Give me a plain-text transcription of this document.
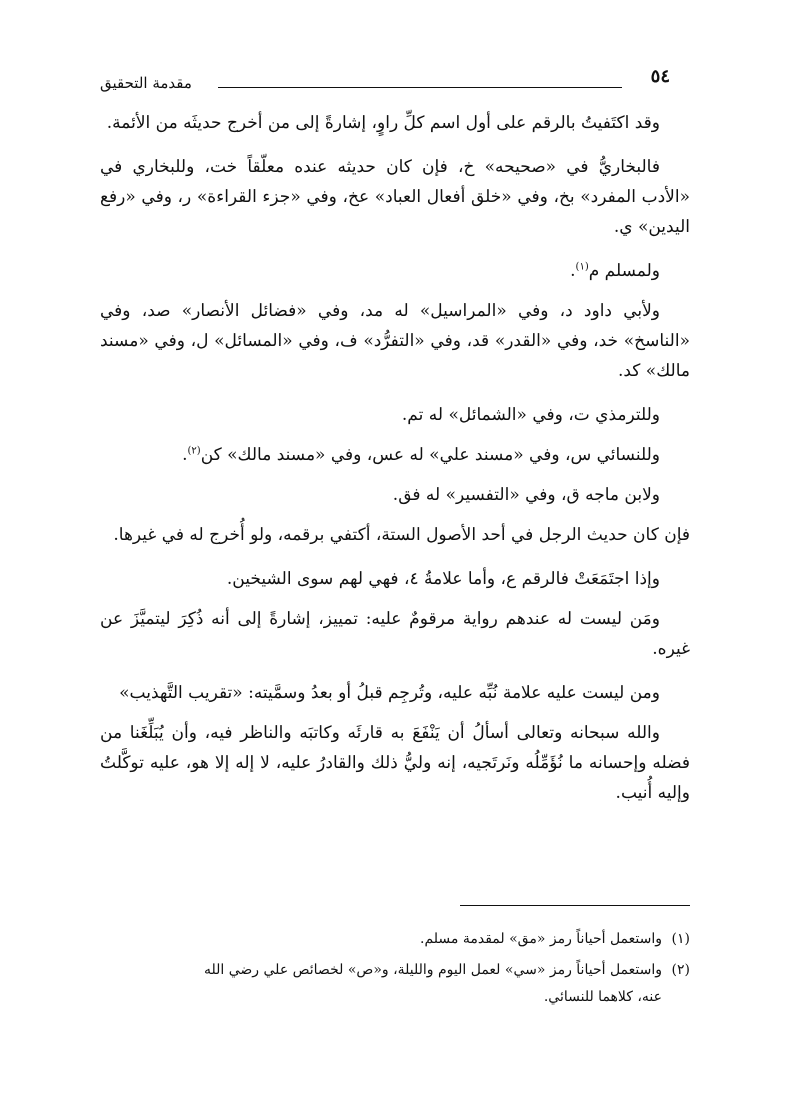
٥٤
مقدمة التحقيق

وقد اكتَفيتُ بالرقم على أول اسم كلِّ راوٍ، إشارةً إلى من أخرج حديثَه من الأئمة.

فالبخاريُّ في «صحيحه» خ، فإن كان حديثه عنده معلّقاً خت، وللبخاري في «الأدب المفرد» بخ، وفي «خلق أفعال العباد» عخ، وفي «جزء القراءة» ر، وفي «رفع اليدين» ي.

ولمسلم م$^{(١)}$.

ولأبي داود د، وفي «المراسيل» له مد، وفي «فضائل الأنصار» صد، وفي «الناسخ» خد، وفي «القدر» قد، وفي «التفرُّد» ف، وفي «المسائل» ل، وفي «مسند مالك» كد.

وللترمذي ت، وفي «الشمائل» له تم.

وللنسائي س، وفي «مسند علي» له عس، وفي «مسند مالك» كن$^{(٢)}$.

ولابن ماجه ق، وفي «التفسير» له فق.

فإن كان حديث الرجل في أحد الأصول الستة، أكتفي برقمه، ولو أُخرج له في غيرها.

وإذا اجتَمَعَتْ فالرقم ع، وأما علامةُ ٤، فهي لهم سوى الشيخين.

ومَن ليست له عندهم رواية مرقومٌ عليه: تمييز، إشارةً إلى أنه ذُكِرَ ليتميَّزَ عن غيره.

ومن ليست عليه علامة نُبِّه عليه، وتُرجِم قبلُ أو بعدُ وسمَّيته: «تقريب التَّهذيب»

والله سبحانه وتعالى أسألُ أن يَنْفَعَ به قارئَه وكاتبَه والناظر فيه، وأن يُبَلِّغَنا من فضله وإحسانه ما نُؤَمِّلُه ونَرتَجيه، إنه وليُّ ذلك والقادرُ عليه، لا إله إلا هو، عليه توكَّلتُ وإليه أُنيب.

(١)واستعمل أحياناً رمز «مق» لمقدمة مسلم.
(٢)واستعمل أحياناً رمز «سي» لعمل اليوم والليلة، و«ص» لخصائص علي رضي الله
عنه، كلاهما للنسائي.
